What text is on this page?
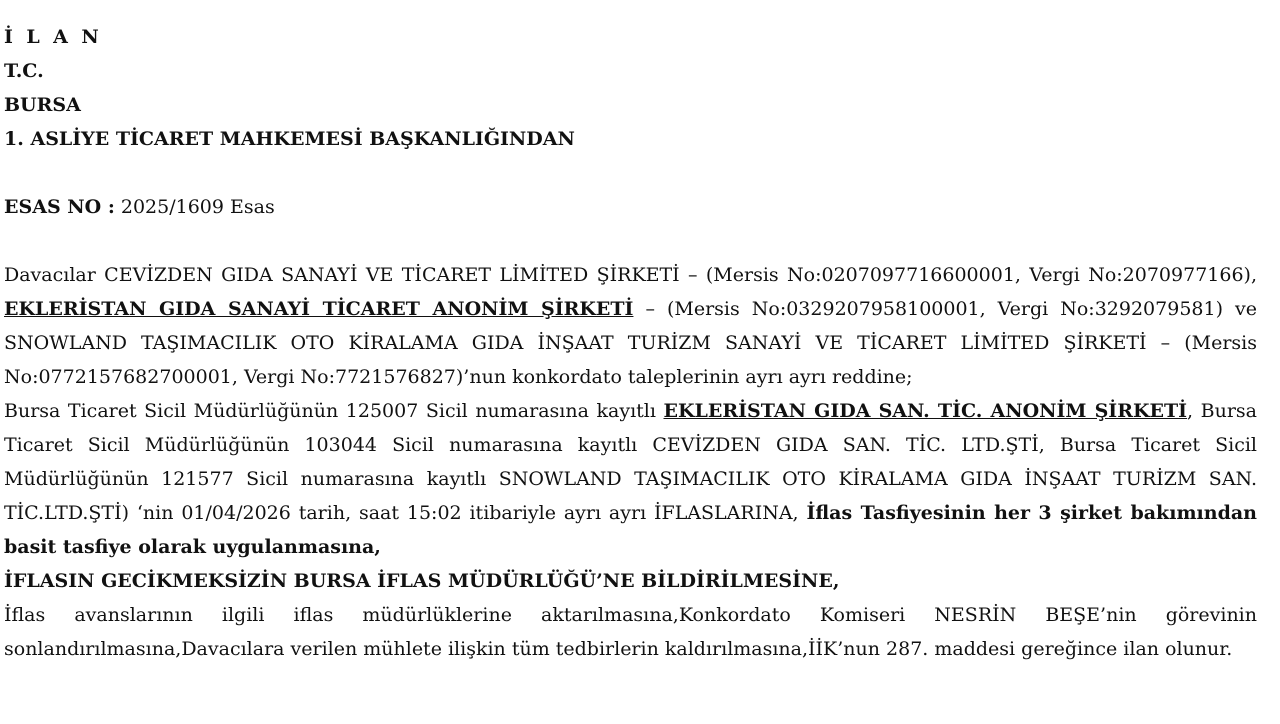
İ L A N
T.C.
BURSA
1. ASLİYE TİCARET MAHKEMESİ BAŞKANLIĞINDAN
ESAS NO : 2025/1609 Esas

Davacılar CEVİZDEN GIDA SANAYİ VE TİCARET LİMİTED ŞİRKETİ – (Mersis No:0207097716600001, Vergi No:2070977166), EKLERİSTAN GIDA SANAYİ TİCARET ANONİM ŞİRKETİ – (Mersis No:0329207958100001, Vergi No:3292079581) ve SNOWLAND TAŞIMACILIK OTO KİRALAMA GIDA İNŞAAT TURİZM SANAYİ VE TİCARET LİMİTED ŞİRKETİ – (Mersis No:0772157682700001, Vergi No:7721576827)’nun konkordato taleplerinin ayrı ayrı reddine;

Bursa Ticaret Sicil Müdürlüğünün 125007 Sicil numarasına kayıtlı EKLERİSTAN GIDA SAN. TİC. ANONİM ŞİRKETİ, Bursa Ticaret Sicil Müdürlüğünün 103044 Sicil numarasına kayıtlı CEVİZDEN GIDA SAN. TİC. LTD.ŞTİ, Bursa Ticaret Sicil Müdürlüğünün 121577 Sicil numarasına kayıtlı SNOWLAND TAŞIMACILIK OTO KİRALAMA GIDA İNŞAAT TURİZM SAN. TİC.LTD.ŞTİ) ‘nin 01/04/2026 tarih, saat 15:02 itibariyle ayrı ayrı İFLASLARINA, İflas Tasfiyesinin her 3 şirket bakımından basit tasfiye olarak uygulanmasına,

İFLASIN GECİKMEKSİZİN BURSA İFLAS MÜDÜRLÜĞÜ’NE BİLDİRİLMESİNE,

İflas avanslarının ilgili iflas müdürlüklerine aktarılmasına,Konkordato Komiseri NESRİN BEŞE’nin görevinin sonlandırılmasına,Davacılara verilen mühlete ilişkin tüm tedbirlerin kaldırılmasına,İİK’nun 287. maddesi gereğince ilan olunur.
